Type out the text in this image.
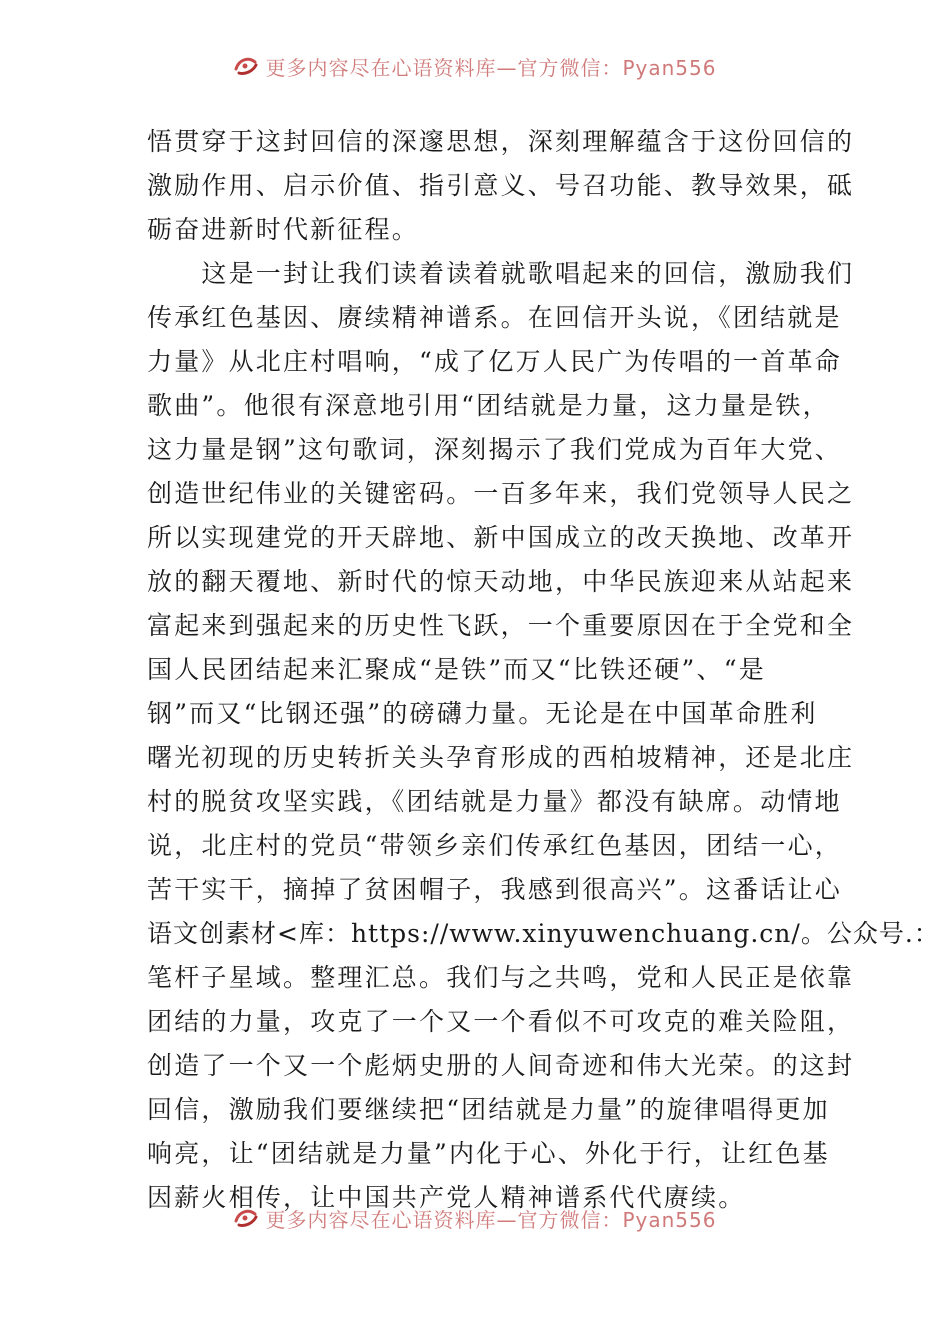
更多内容尽在心语资料库—官方微信：Pyan556
悟贯穿于这封回信的深邃思想，深刻理解蕴含于这份回信的
激励作用、启示价值、指引意义、号召功能、教导效果，砥
砺奋进新时代新征程。
　　这是一封让我们读着读着就歌唱起来的回信，激励我们
传承红色基因、赓续精神谱系。在回信开头说，《团结就是
力量》从北庄村唱响，“成了亿万人民广为传唱的一首革命
歌曲”。他很有深意地引用“团结就是力量，这力量是铁，
这力量是钢”这句歌词，深刻揭示了我们党成为百年大党、
创造世纪伟业的关键密码。一百多年来，我们党领导人民之
所以实现建党的开天辟地、新中国成立的改天换地、改革开
放的翻天覆地、新时代的惊天动地，中华民族迎来从站起来
富起来到强起来的历史性飞跃，一个重要原因在于全党和全
国人民团结起来汇聚成“是铁”而又“比铁还硬”、“是
钢”而又“比钢还强”的磅礴力量。无论是在中国革命胜利
曙光初现的历史转折关头孕育形成的西柏坡精神，还是北庄
村的脱贫攻坚实践，《团结就是力量》都没有缺席。动情地
说，北庄村的党员“带领乡亲们传承红色基因，团结一心，
苦干实干，摘掉了贫困帽子，我感到很高兴”。这番话让心
语文创素材<库：https://www.xinyuwenchuang.cn/。公众号.：
笔杆子星域。整理汇总。我们与之共鸣，党和人民正是依靠
团结的力量，攻克了一个又一个看似不可攻克的难关险阻，
创造了一个又一个彪炳史册的人间奇迹和伟大光荣。的这封
回信，激励我们要继续把“团结就是力量”的旋律唱得更加
响亮，让“团结就是力量”内化于心、外化于行，让红色基
因薪火相传，让中国共产党人精神谱系代代赓续。
更多内容尽在心语资料库—官方微信：Pyan556
